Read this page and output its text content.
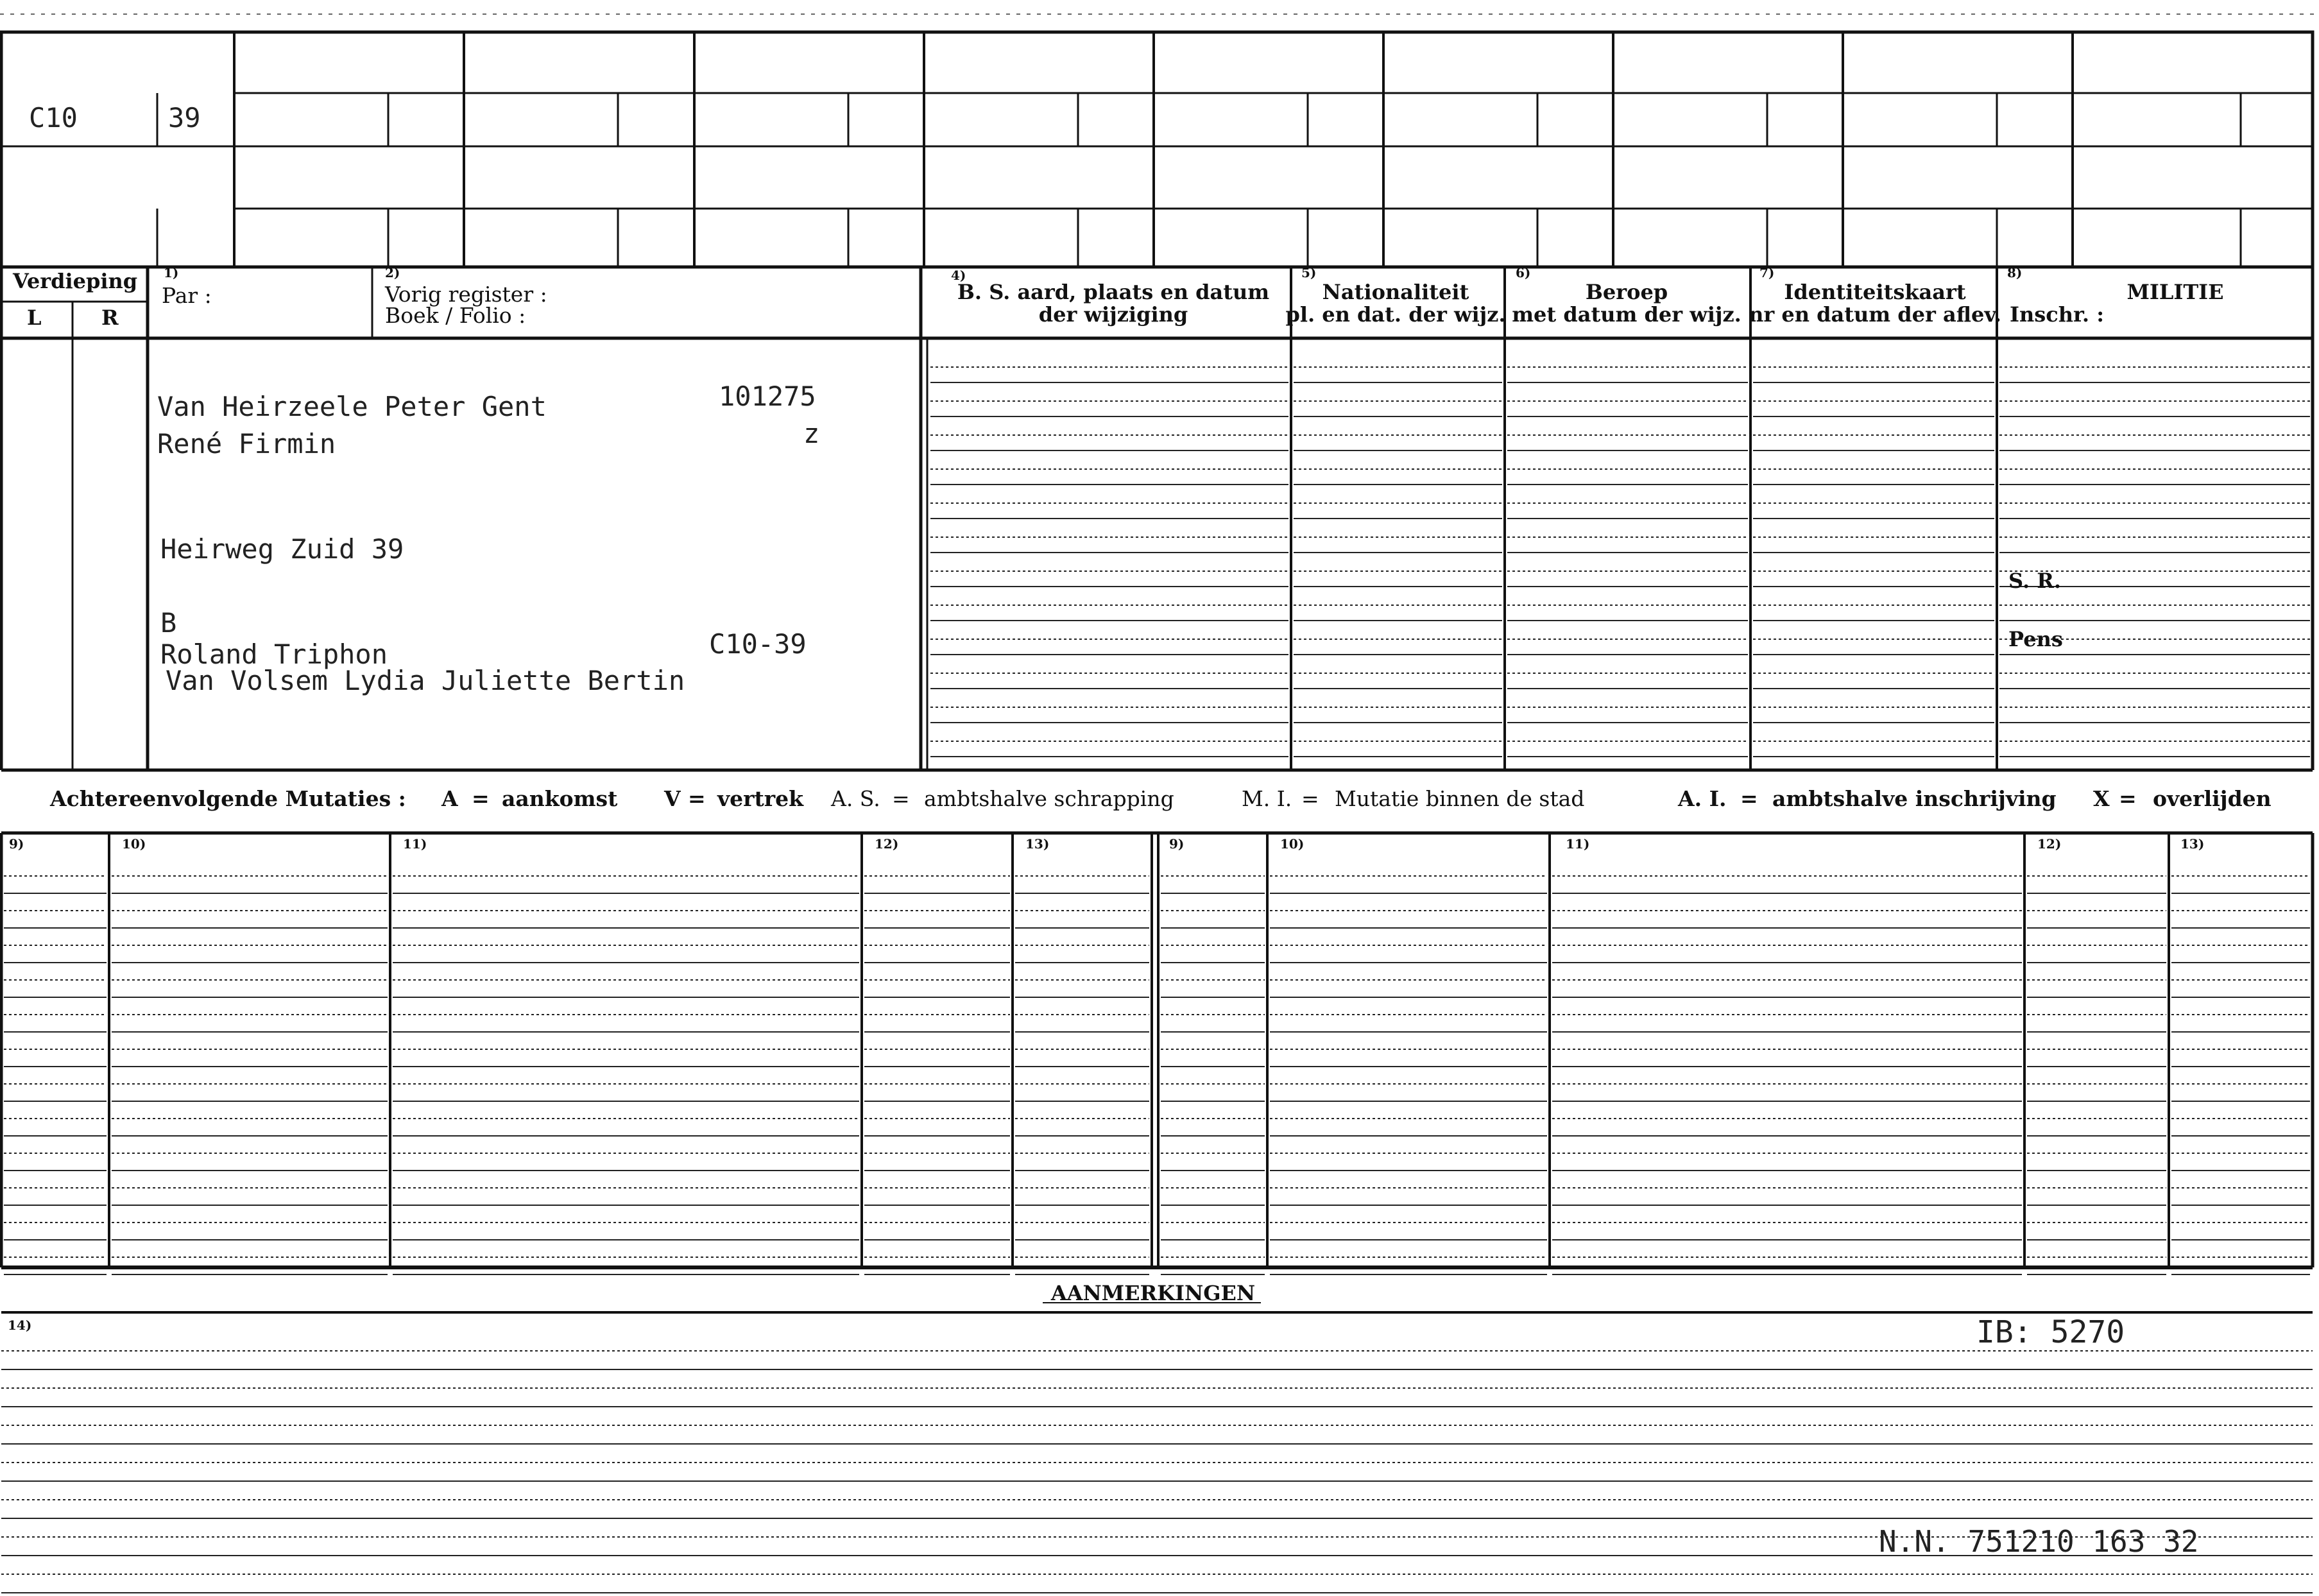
C10	39
Verdieping
L	R
1)
Par :
2)
Vorig register :
Boek / Folio :
4)
B. S. aard, plaats en datum
der wijziging
5)
Nationaliteit
pl. en dat. der wijz.
6)
Beroep
met datum der wijz.
7)
Identiteitskaart
nr en datum der aflev.
8)
MILITIE
Inschr. :
S. R.
Pens
Van Heirzeele Peter Gent
René Firmin
101275
z
Heirweg Zuid 39
B
Roland Triphon	C10-39
Van Volsem Lydia Juliette Bertin
Achtereenvolgende Mutaties : A = aankomst V = vertrek A. S. = ambtshalve schrapping	M. I. = Mutatie binnen de stad	A. I. = ambtshalve inschrijving X = overlijden
9)	10)	11)	12)	13)	9)	10)	11)	12)	13)
AANMERKINGEN
14)	IB: 5270
N.N. 751210 163 32
